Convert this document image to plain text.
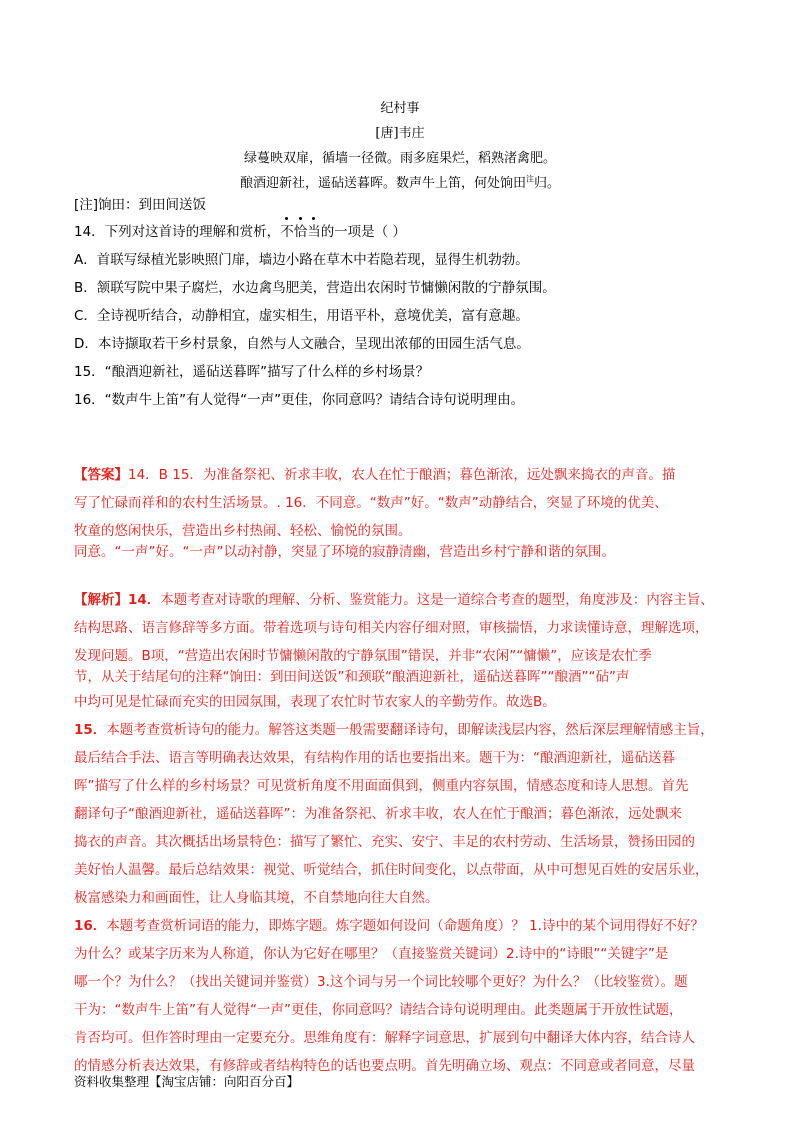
纪村事
[唐]韦庄
绿蔓映双扉，循墙一径微。雨多庭果烂，稻熟渚禽肥。
酿酒迎新社，遥砧送暮晖。数声牛上笛，何处饷田$^注$归。
[注]饷田：到田间送饭
14．下列对这首诗的理解和赏析，不恰当的一项是（ ）
A．首联写绿植光影映照门扉，墙边小路在草木中若隐若现，显得生机勃勃。
B．颔联写院中果子腐烂，水边禽鸟肥美，营造出农闲时节慵懒闲散的宁静氛围。
C．全诗视听结合，动静相宜，虚实相生，用语平朴，意境优美，富有意趣。
D．本诗撷取若干乡村景象，自然与人文融合，呈现出浓郁的田园生活气息。
15．“酿酒迎新社，遥砧送暮晖”描写了什么样的乡村场景？
16．“数声牛上笛”有人觉得“一声”更佳，你同意吗？请结合诗句说明理由。
【答案】14．B 15．为准备祭祀、祈求丰收，农人在忙于酿酒；暮色渐浓，远处飘来捣衣的声音。描
写了忙碌而祥和的农村生活场景。. 16．不同意。“数声”好。“数声”动静结合，突显了环境的优美、
牧童的悠闲快乐，营造出乡村热闹、轻松、愉悦的氛围。
同意。“一声”好。“一声”以动衬静，突显了环境的寂静清幽，营造出乡村宁静和谐的氛围。
【解析】14．本题考查对诗歌的理解、分析、鉴赏能力。这是一道综合考查的题型，角度涉及：内容主旨、
结构思路、语言修辞等多方面。带着选项与诗句相关内容仔细对照，审核揣悟，力求读懂诗意，理解选项，
发现问题。B项，“营造出农闲时节慵懒闲散的宁静氛围”错误，并非“农闲”“慵懒”，应该是农忙季
节，从关于结尾句的注释“饷田：到田间送饭”和颈联“酿酒迎新社，遥砧送暮晖”“酿酒”“砧”声
中均可见是忙碌而充实的田园氛围，表现了农忙时节农家人的辛勤劳作。故选B。
15．本题考查赏析诗句的能力。解答这类题一般需要翻译诗句，即解读浅层内容，然后深层理解情感主旨，
最后结合手法、语言等明确表达效果，有结构作用的话也要指出来。题干为：“酿酒迎新社，遥砧送暮
晖”描写了什么样的乡村场景？可见赏析角度不用面面俱到，侧重内容氛围，情感态度和诗人思想。首先
翻译句子“酿酒迎新社，遥砧送暮晖”：为准备祭祀、祈求丰收，农人在忙于酿酒；暮色渐浓，远处飘来
捣衣的声音。其次概括出场景特色：描写了繁忙、充实、安宁、丰足的农村劳动、生活场景，赞扬田园的
美好怡人温馨。最后总结效果：视觉、听觉结合，抓住时间变化，以点带面，从中可想见百姓的安居乐业，
极富感染力和画面性，让人身临其境，不自禁地向往大自然。
16．本题考查赏析词语的能力，即炼字题。炼字题如何设问（命题角度）？ 1.诗中的某个词用得好不好？
为什么？或某字历来为人称道，你认为它好在哪里？（直接鉴赏关键词）2.诗中的“诗眼”“关键字”是
哪一个？为什么？（找出关键词并鉴赏）3.这个词与另一个词比较哪个更好？为什么？（比较鉴赏）。题
干为：“数声牛上笛”有人觉得“一声”更佳，你同意吗？请结合诗句说明理由。此类题属于开放性试题，
肯否均可。但作答时理由一定要充分。思维角度有：解释字词意思，扩展到句中翻译大体内容，结合诗人
的情感分析表达效果，有修辞或者结构特色的话也要点明。首先明确立场、观点：不同意或者同意，尽量
资料收集整理【淘宝店铺：向阳百分百】
